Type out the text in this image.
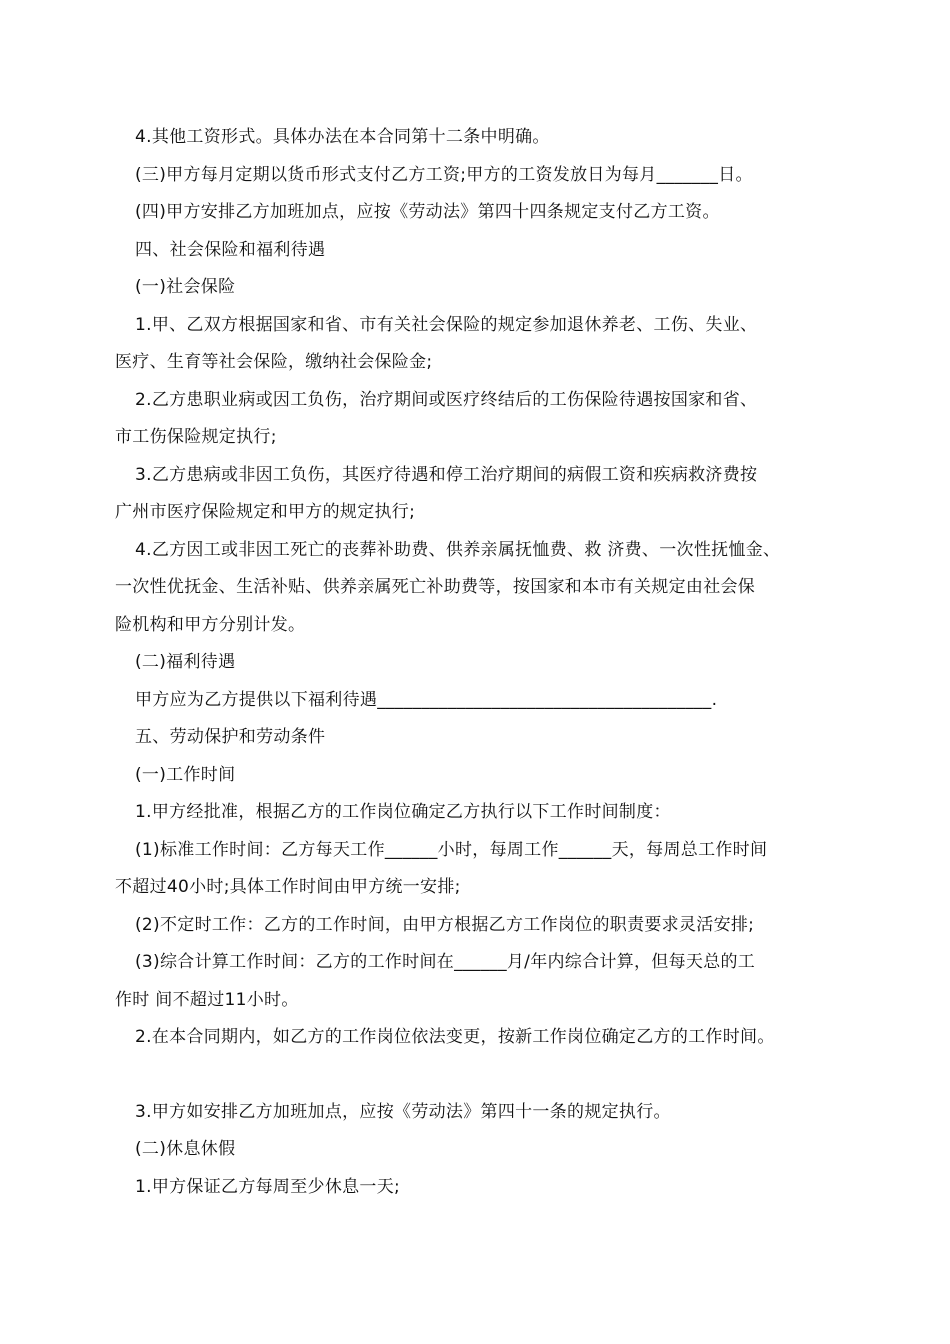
4.其他工资形式。具体办法在本合同第十二条中明确。
(三)甲方每月定期以货币形式支付乙方工资;甲方的工资发放日为每月_______日。
(四)甲方安排乙方加班加点，应按《劳动法》第四十四条规定支付乙方工资。
四、社会保险和福利待遇
(一)社会保险
1.甲、乙双方根据国家和省、市有关社会保险的规定参加退休养老、工伤、失业、
医疗、生育等社会保险，缴纳社会保险金;
2.乙方患职业病或因工负伤，治疗期间或医疗终结后的工伤保险待遇按国家和省、
市工伤保险规定执行;
3.乙方患病或非因工负伤，其医疗待遇和停工治疗期间的病假工资和疾病救济费按
广州市医疗保险规定和甲方的规定执行;
4.乙方因工或非因工死亡的丧葬补助费、供养亲属抚恤费、救 济费、一次性抚恤金、
一次性优抚金、生活补贴、供养亲属死亡补助费等，按国家和本市有关规定由社会保
险机构和甲方分别计发。
(二)福利待遇
甲方应为乙方提供以下福利待遇______________________________________.
五、劳动保护和劳动条件
(一)工作时间
1.甲方经批准，根据乙方的工作岗位确定乙方执行以下工作时间制度：
(1)标准工作时间：乙方每天工作______小时，每周工作______天，每周总工作时间
不超过40小时;具体工作时间由甲方统一安排;
(2)不定时工作：乙方的工作时间，由甲方根据乙方工作岗位的职责要求灵活安排;
(3)综合计算工作时间：乙方的工作时间在______月/年内综合计算，但每天总的工
作时 间不超过11小时。
2.在本合同期内，如乙方的工作岗位依法变更，按新工作岗位确定乙方的工作时间。
3.甲方如安排乙方加班加点，应按《劳动法》第四十一条的规定执行。
(二)休息休假
1.甲方保证乙方每周至少休息一天;
